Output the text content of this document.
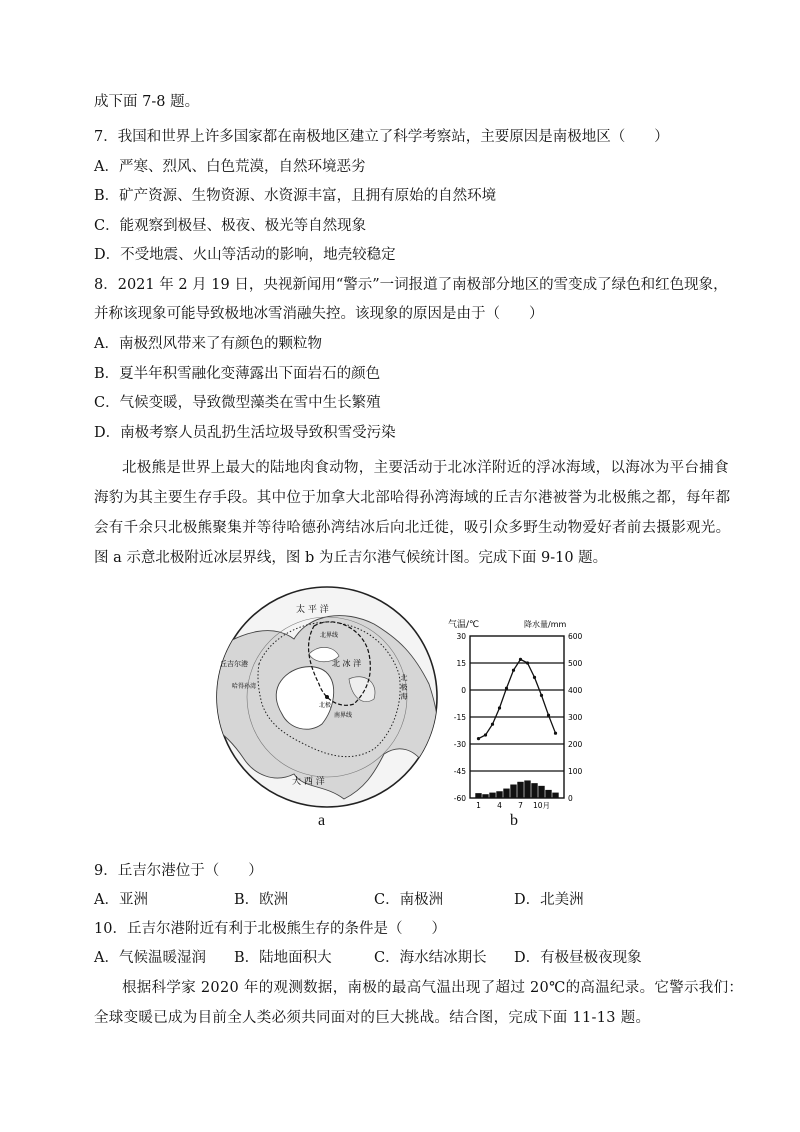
成下面 7-8 题。
7．我国和世界上许多国家都在南极地区建立了科学考察站，主要原因是南极地区（　　）
A．严寒、烈风、白色荒漠，自然环境恶劣
B．矿产资源、生物资源、水资源丰富，且拥有原始的自然环境
C．能观察到极昼、极夜、极光等自然现象
D．不受地震、火山等活动的影响，地壳较稳定
8．2021 年 2 月 19 日，央视新闻用“警示”一词报道了南极部分地区的雪变成了绿色和红色现象，
并称该现象可能导致极地冰雪消融失控。该现象的原因是由于（　　）
A．南极烈风带来了有颜色的颗粒物
B．夏半年积雪融化变薄露出下面岩石的颜色
C．气候变暖，导致微型藻类在雪中生长繁殖
D．南极考察人员乱扔生活垃圾导致积雪受污染
北极熊是世界上最大的陆地肉食动物，主要活动于北冰洋附近的浮冰海域，以海冰为平台捕食
海豹为其主要生存手段。其中位于加拿大北部哈得孙湾海域的丘吉尔港被誉为北极熊之都，每年都
会有千余只北极熊聚集并等待哈德孙湾结冰后向北迁徙，吸引众多野生动物爱好者前去摄影观光。
图 a 示意北极附近冰层界线，图 b 为丘吉尔港气候统计图。完成下面 9-10 题。
太 平 洋
大 西 洋
北界线
南界线
北 冰 洋
北极
丘吉尔港
哈得孙湾	北 极 海
a
气温/℃	降水量/mm
30
15
0
-15
-30
-45
-60
600
500
400
300
200
100
0
1 4 7 10月
b
9．丘吉尔港位于（　　）
A．亚洲	B．欧洲	C．南极洲	D．北美洲
10．丘吉尔港附近有利于北极熊生存的条件是（　　）
A．气候温暖湿润 B．陆地面积大	C．海水结冰期长 D．有极昼极夜现象
根据科学家 2020 年的观测数据，南极的最高气温出现了超过 20℃的高温纪录。它警示我们：
全球变暖已成为目前全人类必须共同面对的巨大挑战。结合图，完成下面 11-13 题。
